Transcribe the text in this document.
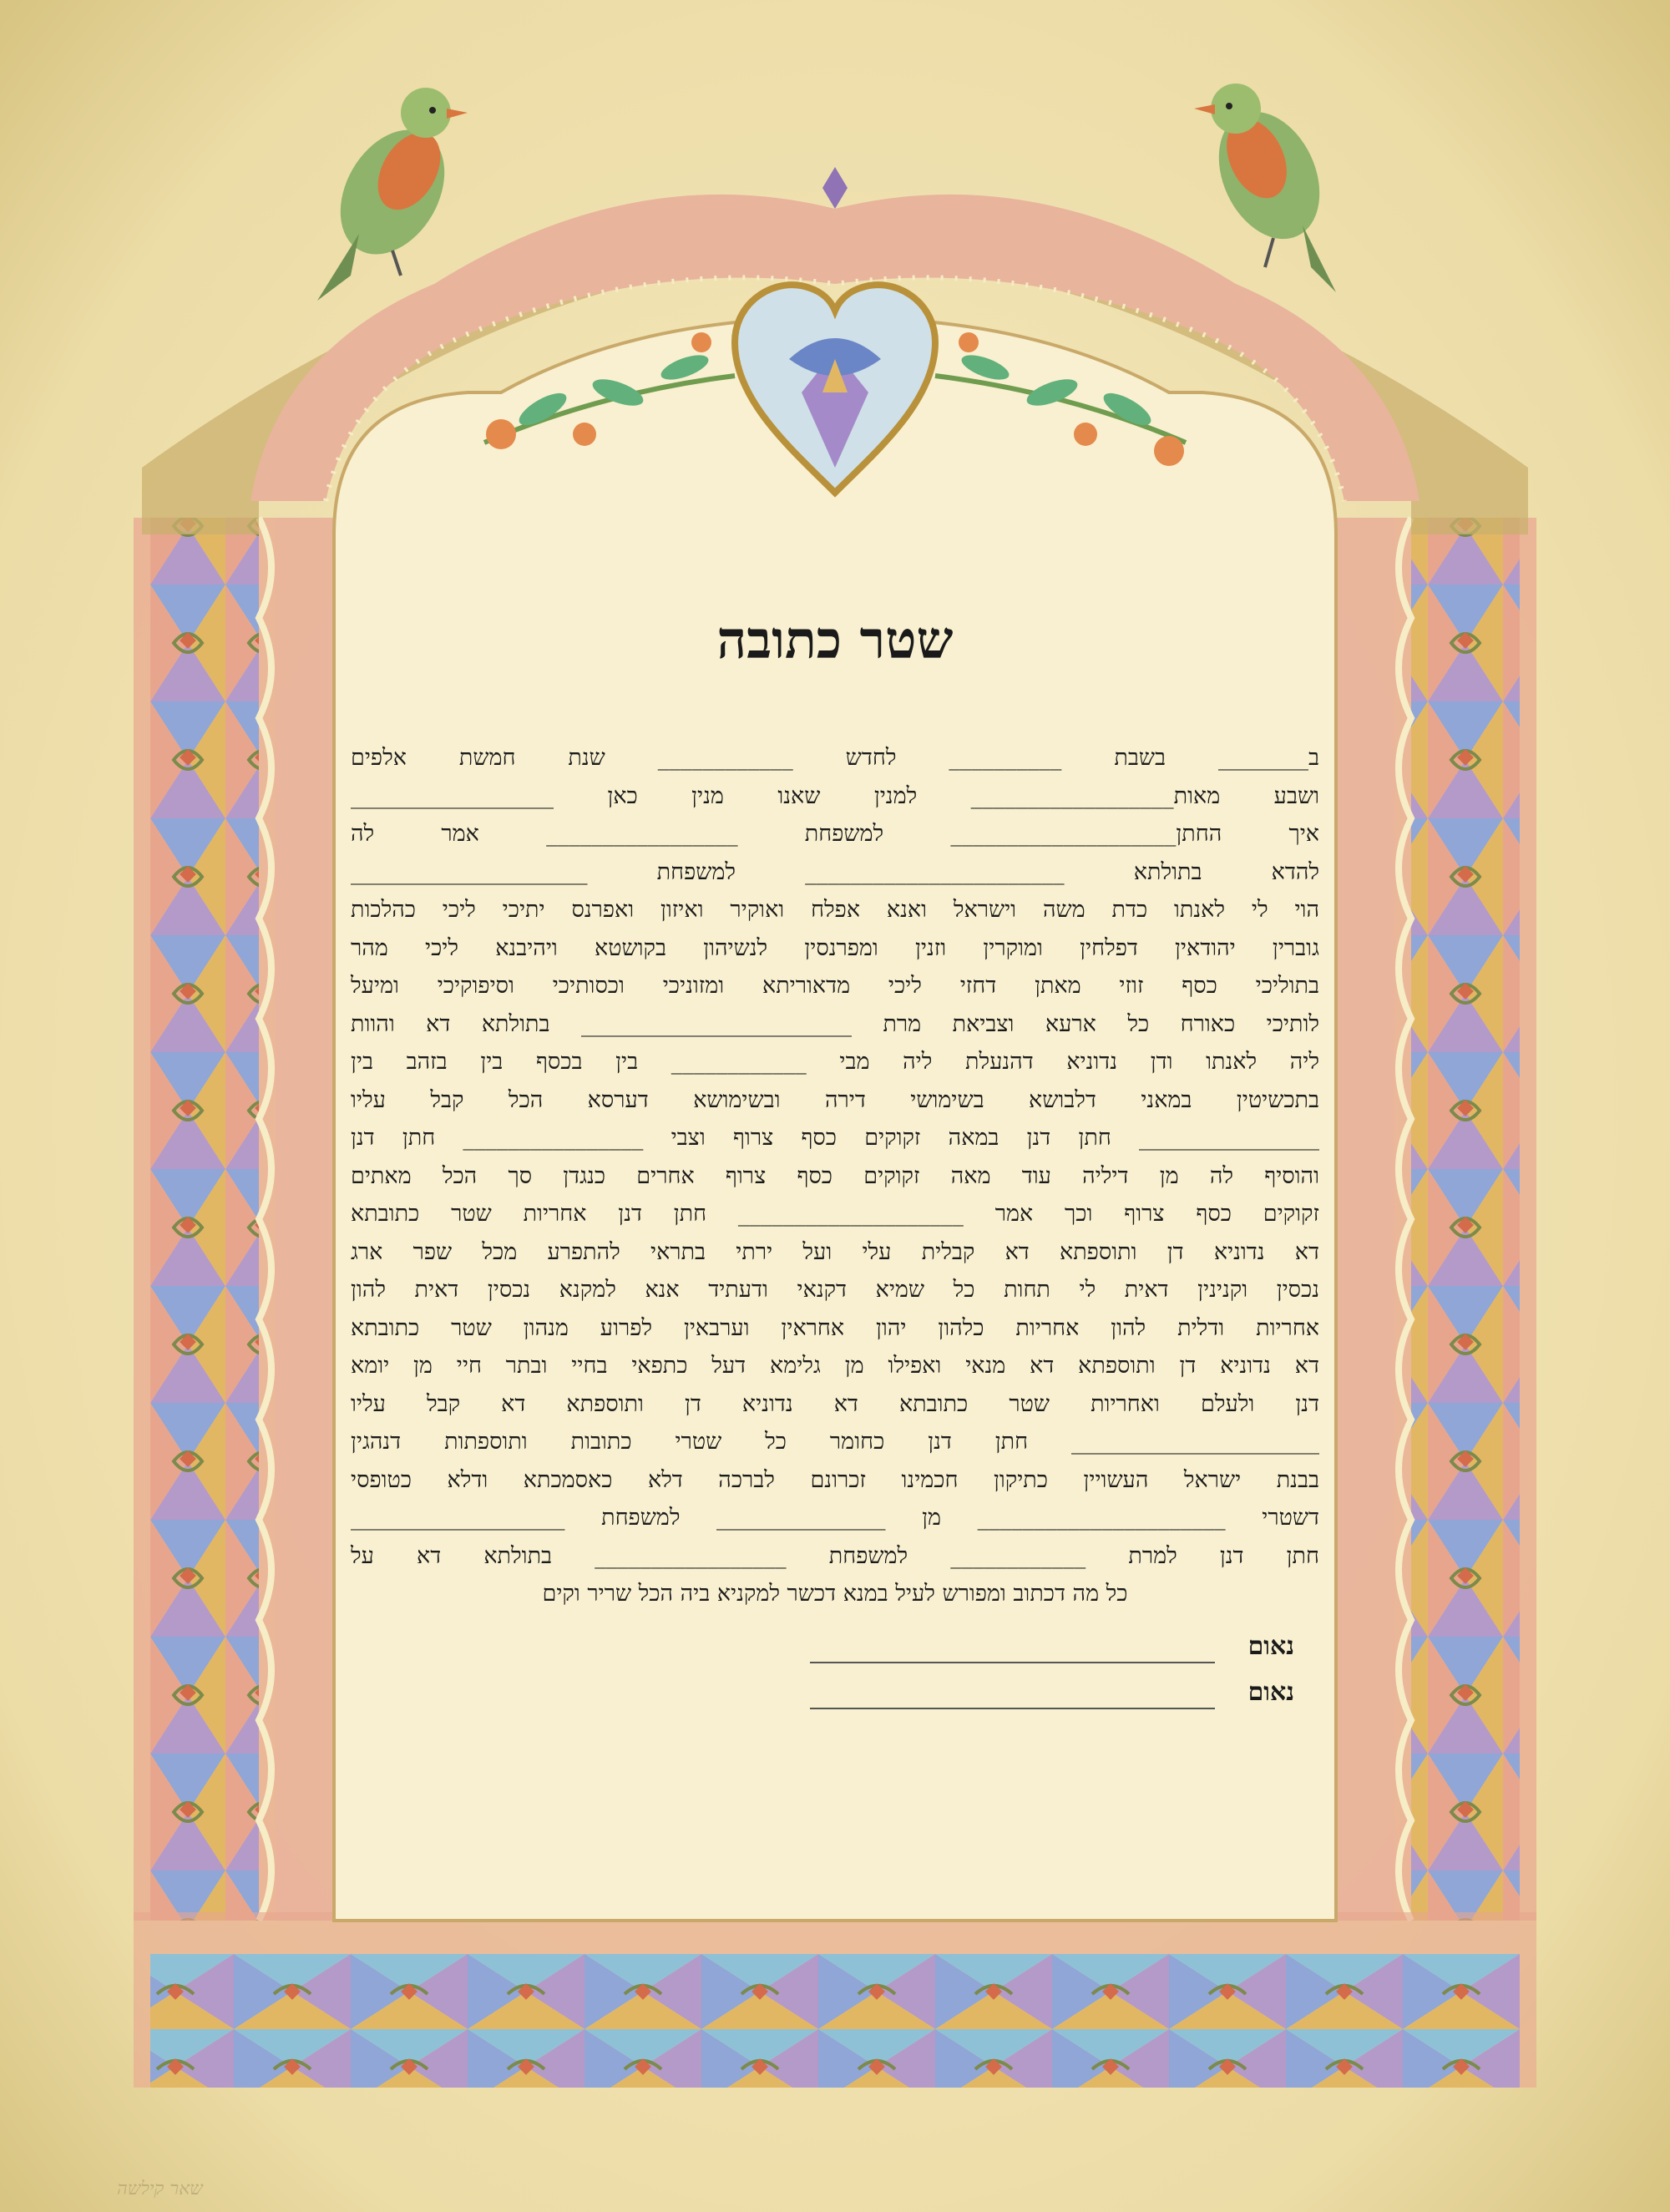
שטר כתובה
ב________ בשבת __________ לחדש ____________ שנת חמשת אלפים
ושבע מאות__________________ למנין שאנו מנין כאן __________________
איך החתן____________________ למשפחת _________________ אמר לה
להדא בתולתא _______________________ למשפחת _____________________
הוי לי לאנתו כדת משה וישראל ואנא אפלח ואוקיר ואיזון ואפרנס יתיכי ליכי כהלכות
גוברין יהודאין דפלחין ומוקרין וזנין ומפרנסין לנשיהון בקושטא ויהיבנא ליכי מהר
בתוליכי כסף זוזי מאתן דחזי ליכי מדאוריתא ומזוניכי וכסותיכי וסיפוקיכי ומיעל
לותיכי כאורח כל ארעא וצביאת מרת ________________________ בתולתא דא והוות
ליה לאנתו ודן נדוניא דהנעלת ליה מבי ____________ בין בכסף בין בזהב בין
בתכשיטין במאני דלבושא בשימושי דירה ובשימושא דערסא הכל קבל עליו
________________ חתן דנן במאה זקוקים כסף צרוף וצבי ________________ חתן דנן
והוסיף לה מן דיליה עוד מאה זקוקים כסף צרוף אחרים כנגדן סך הכל מאתים
זקוקים כסף צרוף וכך אמר ____________________ חתן דנן אחריות שטר כתובתא
דא נדוניא דן ותוספתא דא קבלית עלי ועל ירתי בתראי להתפרע מכל שפר ארג
נכסין וקנינין דאית לי תחות כל שמיא דקנאי ודעתיד אנא למקנא נכסין דאית להון
אחריות ודלית להון אחריות כלהון יהון אחראין וערבאין לפרוע מנהון שטר כתובתא
דא נדוניא דן ותוספתא דא מנאי ואפילו מן גלימא דעל כתפאי בחיי ובתר חיי מן יומא
דנן ולעלם ואחריות שטר כתובתא דא נדוניא דן ותוספתא דא קבל עליו
______________________ חתן דנן כחומר כל שטרי כתובות ותוספתות דנהגין
בבנת ישראל העשויין כתיקון חכמינו זכרונם לברכה דלא כאסמכתא ודלא כטופסי
דשטרי ______________________ מן _______________ למשפחת ___________________
חתן דנן למרת ____________ למשפחת _________________ בתולתא דא על
כל מה דכתוב ומפורש לעיל במנא דכשר למקניא ביה הכל שריר וקים
נאום
נאום
שאר קילשה
